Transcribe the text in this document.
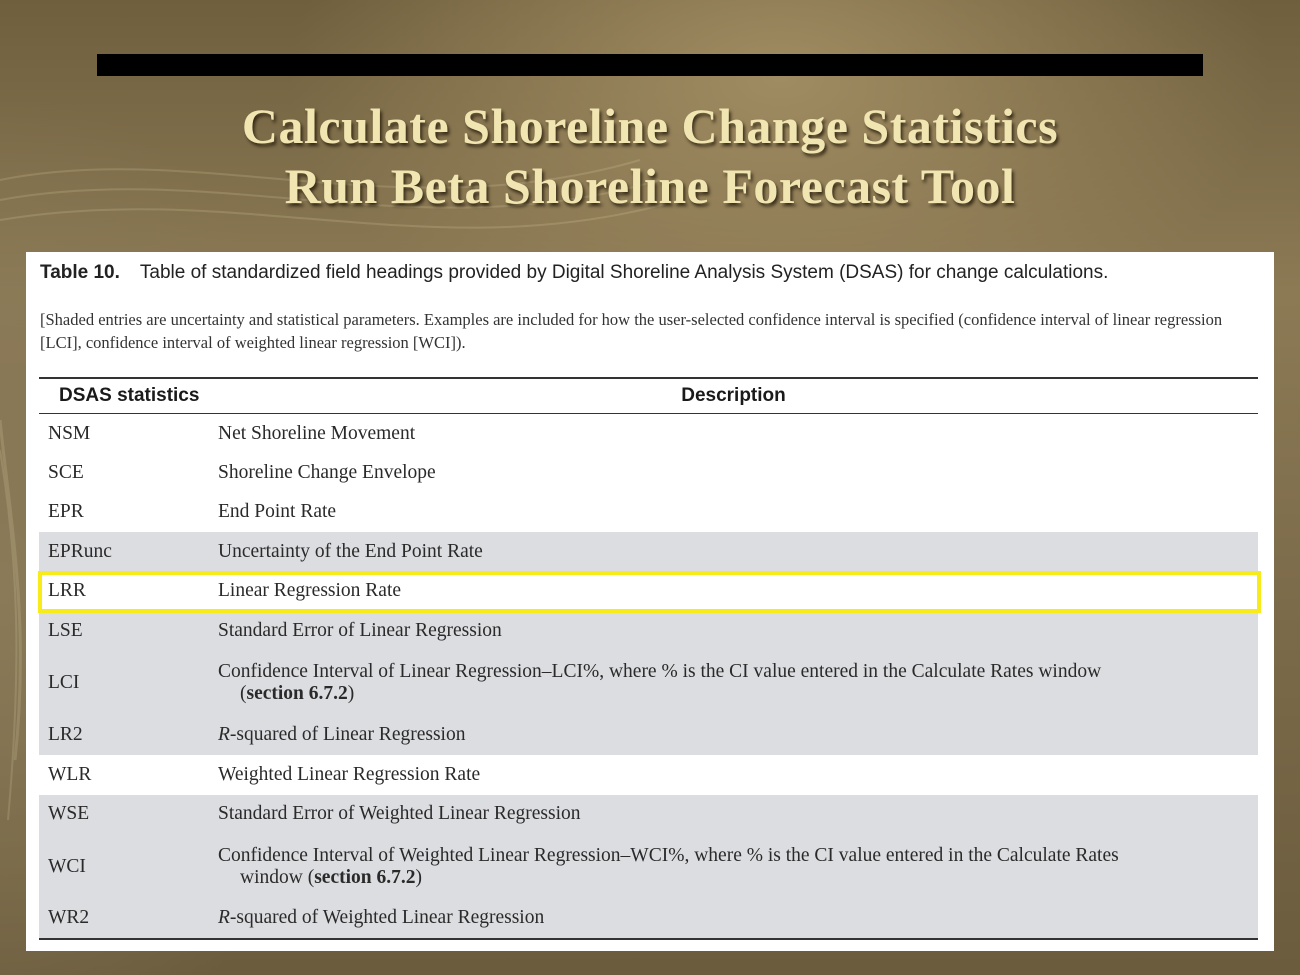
Calculate Shoreline Change Statistics
Run Beta Shoreline Forecast Tool
Table 10. Table of standardized field headings provided by Digital Shoreline Analysis System (DSAS) for change calculations.
[Shaded entries are uncertainty and statistical parameters. Examples are included for how the user-selected confidence interval is specified (confidence interval of linear regression [LCI], confidence interval of weighted linear regression [WCI]).
DSAS statistics	Description
NSM	Net Shoreline Movement
SCE	Shoreline Change Envelope
EPR	End Point Rate
EPRunc	Uncertainty of the End Point Rate
LRR	Linear Regression Rate
LSE	Standard Error of Linear Regression
LCI	Confidence Interval of Linear Regression–LCI%, where % is the CI value entered in the Calculate Rates window
(section 6.7.2)
LR2	R-squared of Linear Regression
WLR	Weighted Linear Regression Rate
WSE	Standard Error of Weighted Linear Regression
WCI	Confidence Interval of Weighted Linear Regression–WCI%, where % is the CI value entered in the Calculate Rates
window (section 6.7.2)
WR2	R-squared of Weighted Linear Regression
